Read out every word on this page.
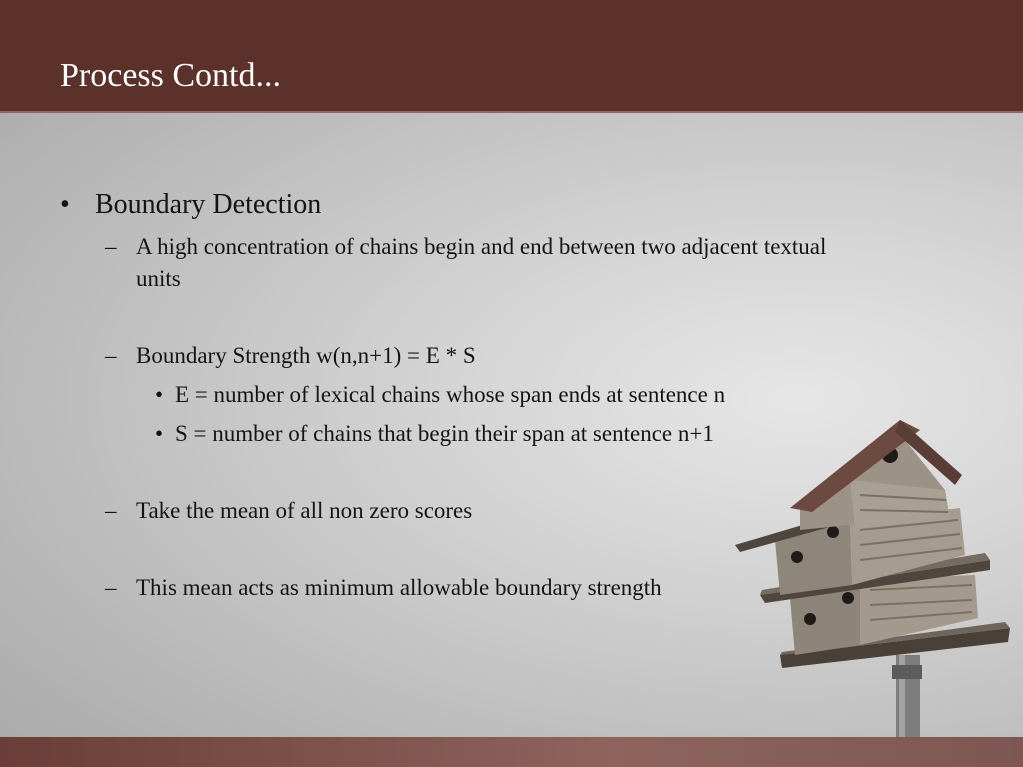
Process Contd...
• Boundary Detection
– A high concentration of chains begin and end between two adjacent textual
units
– Boundary Strength w(n,n+1) = E * S
• E = number of lexical chains whose span ends at sentence n
• S = number of chains that begin their span at sentence n+1
– Take the mean of all non zero scores
– This mean acts as minimum allowable boundary strength
